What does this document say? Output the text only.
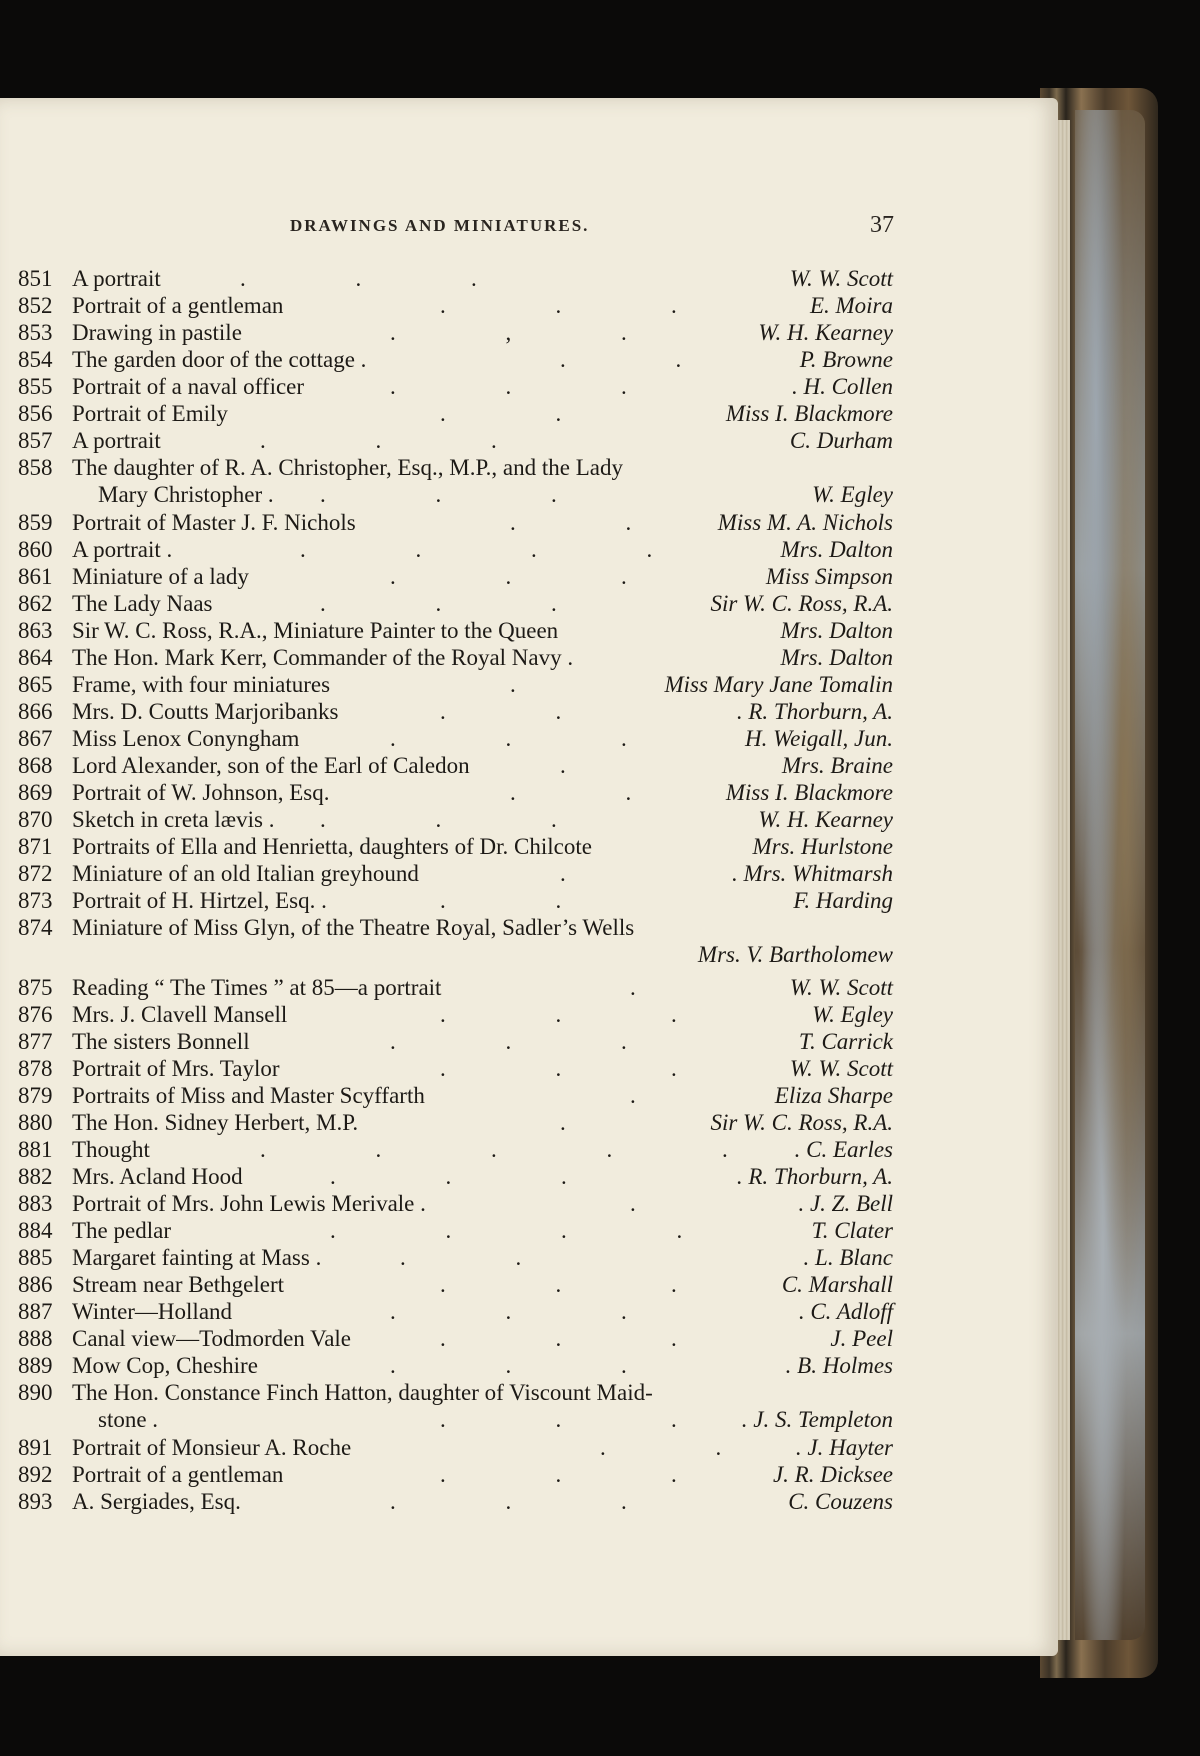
DRAWINGS AND MINIATURES.	37
851 A portrait	. . .	W. W. Scott
852 Portrait of a gentleman	. . .	E. Moira
853 Drawing in pastile	. , .	W. H. Kearney
854 The garden door of the cottage .	. .	P. Browne
855 Portrait of a naval officer	. . .	. H. Collen
856 Portrait of Emily	. .	Miss I. Blackmore
857 A portrait	. . .	C. Durham
858 The daughter of R. A. Christopher, Esq., M.P., and the Lady
Mary Christopher . . . .	W. Egley
859 Portrait of Master J. F. Nichols	. . Miss M. A. Nichols
860 A portrait .	. . . .	Mrs. Dalton
861 Miniature of a lady	. . .	Miss Simpson
862 The Lady Naas	. . .	Sir W. C. Ross, R.A.
863 Sir W. C. Ross, R.A., Miniature Painter to the Queen	Mrs. Dalton
864 The Hon. Mark Kerr, Commander of the Royal Navy .	Mrs. Dalton
865 Frame, with four miniatures	.	Miss Mary Jane Tomalin
866 Mrs. D. Coutts Marjoribanks	. .	. R. Thorburn, A.
867 Miss Lenox Conyngham	. . .	H. Weigall, Jun.
868 Lord Alexander, son of the Earl of Caledon	.	Mrs. Braine
869 Portrait of W. Johnson, Esq.	. . Miss I. Blackmore
870 Sketch in creta lævis . . . .	W. H. Kearney
871 Portraits of Ella and Henrietta, daughters of Dr. Chilcote	Mrs. Hurlstone
872 Miniature of an old Italian greyhound	.	. Mrs. Whitmarsh
873 Portrait of H. Hirtzel, Esq. .	. .	F. Harding
874 Miniature of Miss Glyn, of the Theatre Royal, Sadler’s Wells
Mrs. V. Bartholomew
875 Reading “ The Times ” at 85—a portrait	.	W. W. Scott
876 Mrs. J. Clavell Mansell	. . .	W. Egley
877 The sisters Bonnell	. . .	T. Carrick
878 Portrait of Mrs. Taylor	. . .	W. W. Scott
879 Portraits of Miss and Master Scyffarth	.	Eliza Sharpe
880 The Hon. Sidney Herbert, M.P.	.	Sir W. C. Ross, R.A.
881 Thought	. . . . . . C. Earles
882 Mrs. Acland Hood	. . .	. R. Thorburn, A.
883 Portrait of Mrs. John Lewis Merivale .	.	. J. Z. Bell
884 The pedlar	. . . .	T. Clater
885 Margaret fainting at Mass .	. .	. L. Blanc
886 Stream near Bethgelert	. . . C. Marshall
887 Winter—Holland	. . .	. C. Adloff
888 Canal view—Todmorden Vale	. . .	J. Peel
889 Mow Cop, Cheshire	. . .	. B. Holmes
890 The Hon. Constance Finch Hatton, daughter of Viscount Maid-
stone .	. . . . J. S. Templeton
891 Portrait of Monsieur A. Roche	. . . J. Hayter
892 Portrait of a gentleman	. . . J. R. Dicksee
893 A. Sergiades, Esq.	. . .	C. Couzens
